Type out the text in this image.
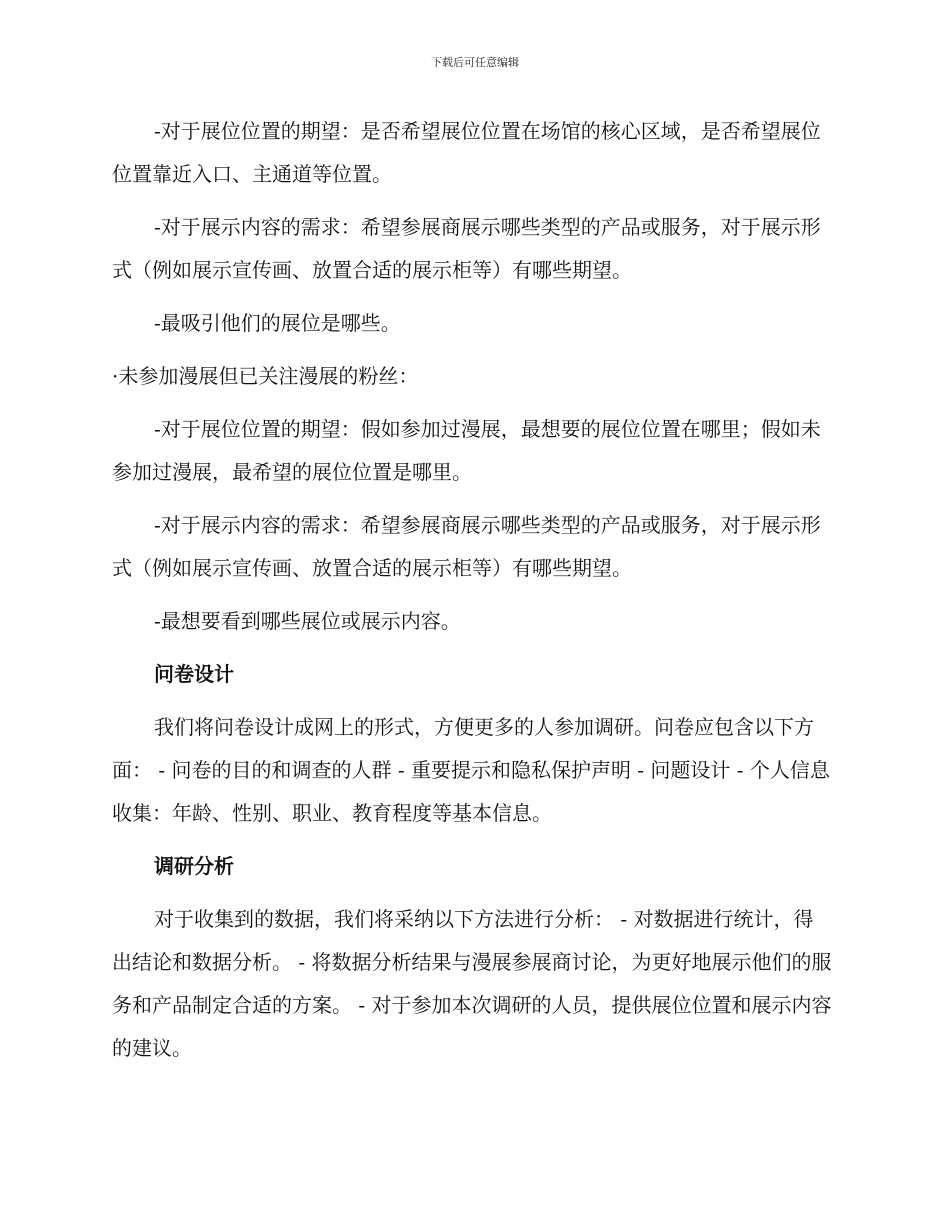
下载后可任意编辑

-对于展位位置的期望：是否希望展位位置在场馆的核心区域，是否希望展位位置靠近入口、主通道等位置。

-对于展示内容的需求：希望参展商展示哪些类型的产品或服务，对于展示形式（例如展示宣传画、放置合适的展示柜等）有哪些期望。

-最吸引他们的展位是哪些。

·未参加漫展但已关注漫展的粉丝：

-对于展位位置的期望：假如参加过漫展，最想要的展位位置在哪里；假如未参加过漫展，最希望的展位位置是哪里。

-对于展示内容的需求：希望参展商展示哪些类型的产品或服务，对于展示形式（例如展示宣传画、放置合适的展示柜等）有哪些期望。

-最想要看到哪些展位或展示内容。

问卷设计

我们将问卷设计成网上的形式，方便更多的人参加调研。问卷应包含以下方面： - 问卷的目的和调查的人群 - 重要提示和隐私保护声明 - 问题设计 - 个人信息收集：年龄、性别、职业、教育程度等基本信息。

调研分析

对于收集到的数据，我们将采纳以下方法进行分析： - 对数据进行统计，得出结论和数据分析。 - 将数据分析结果与漫展参展商讨论，为更好地展示他们的服务和产品制定合适的方案。 - 对于参加本次调研的人员，提供展位位置和展示内容的建议。
